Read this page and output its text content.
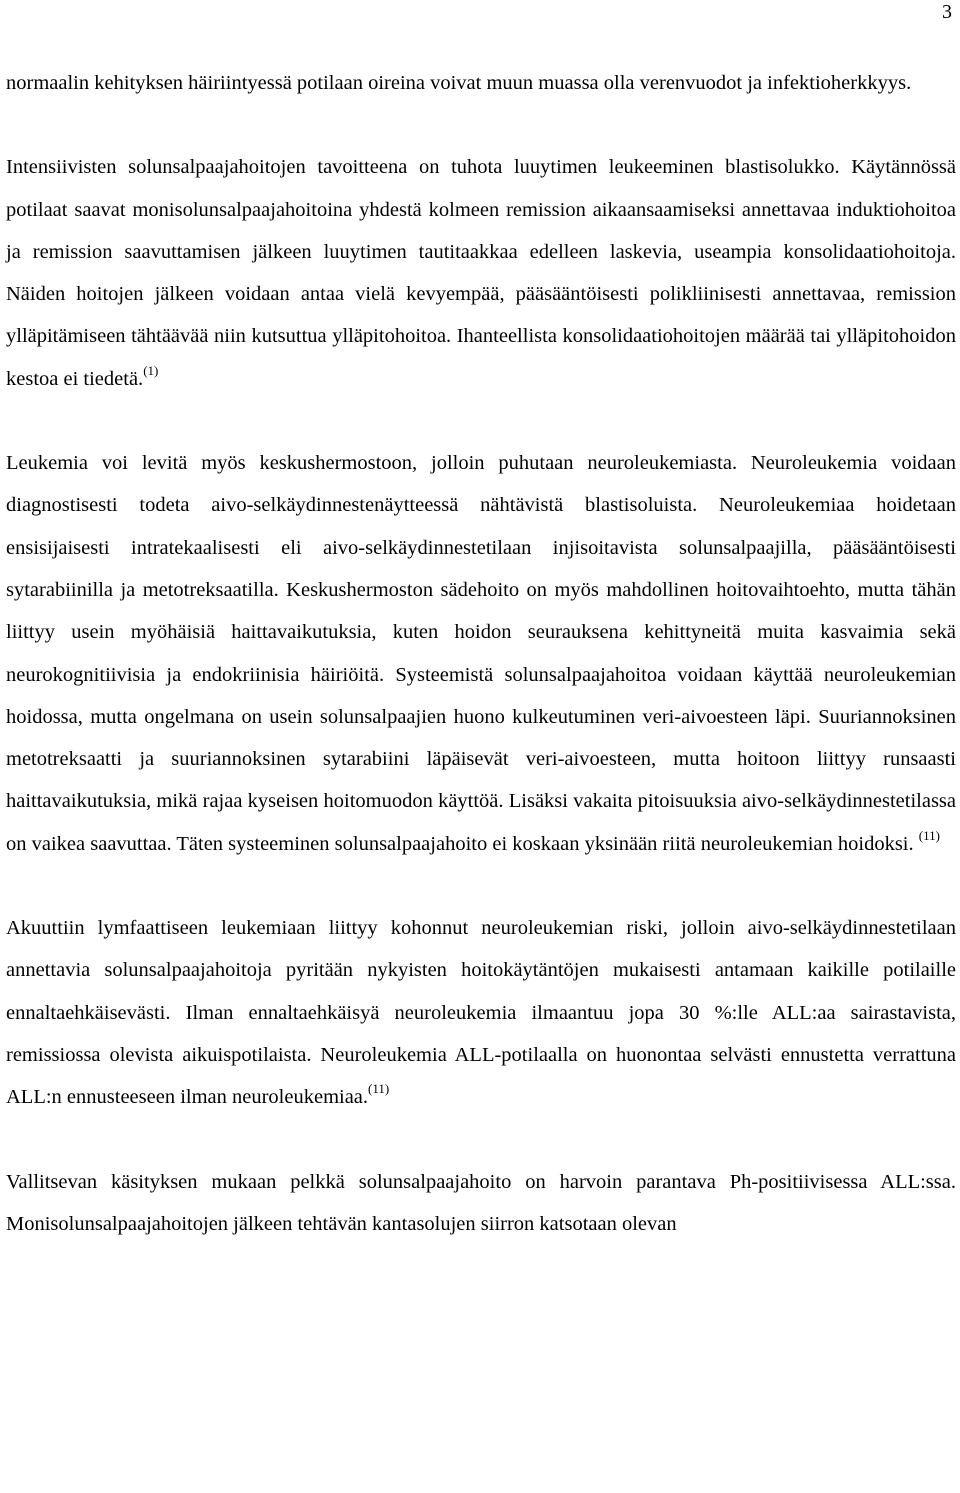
3

normaalin kehityksen häiriintyessä potilaan oireina voivat muun muassa olla verenvuodot ja infektioherkkyys.

Intensiivisten solunsalpaajahoitojen tavoitteena on tuhota luuytimen leukeeminen blastisolukko. Käytännössä potilaat saavat monisolunsalpaajahoitoina yhdestä kolmeen remission aikaansaamiseksi annettavaa induktiohoitoa ja remission saavuttamisen jälkeen luuytimen tautitaakkaa edelleen laskevia, useampia konsolidaatiohoitoja. Näiden hoitojen jälkeen voidaan antaa vielä kevyempää, pääsääntöisesti polikliinisesti annettavaa, remission ylläpitämiseen tähtäävää niin kutsuttua ylläpitohoitoa. Ihanteellista konsolidaatiohoitojen määrää tai ylläpitohoidon kestoa ei tiedetä.$^{(1)}$

Leukemia voi levitä myös keskushermostoon, jolloin puhutaan neuroleukemiasta. Neuroleukemia voidaan diagnostisesti todeta aivo-selkäydinnestenäytteessä nähtävistä blastisoluista. Neuroleukemiaa hoidetaan ensisijaisesti intratekaalisesti eli aivo-selkäydinnestetilaan injisoitavista solunsalpaajilla, pääsääntöisesti sytarabiinilla ja metotreksaatilla. Keskushermoston sädehoito on myös mahdollinen hoitovaihtoehto, mutta tähän liittyy usein myöhäisiä haittavaikutuksia, kuten hoidon seurauksena kehittyneitä muita kasvaimia sekä neurokognitiivisia ja endokriinisia häiriöitä. Systeemistä solunsalpaajahoitoa voidaan käyttää neuroleukemian hoidossa, mutta ongelmana on usein solunsalpaajien huono kulkeutuminen veri-aivoesteen läpi. Suuriannoksinen metotreksaatti ja suuriannoksinen sytarabiini läpäisevät veri-aivoesteen, mutta hoitoon liittyy runsaasti haittavaikutuksia, mikä rajaa kyseisen hoitomuodon käyttöä. Lisäksi vakaita pitoisuuksia aivo-selkäydinnestetilassa on vaikea saavuttaa. Täten systeeminen solunsalpaajahoito ei koskaan yksinään riitä neuroleukemian hoidoksi. $^{(11)}$

Akuuttiin lymfaattiseen leukemiaan liittyy kohonnut neuroleukemian riski, jolloin aivo-selkäydinnestetilaan annettavia solunsalpaajahoitoja pyritään nykyisten hoitokäytäntöjen mukaisesti antamaan kaikille potilaille ennaltaehkäisevästi. Ilman ennaltaehkäisyä neuroleukemia ilmaantuu jopa 30 %:lle ALL:aa sairastavista, remissiossa olevista aikuispotilaista. Neuroleukemia ALL-potilaalla on huonontaa selvästi ennustetta verrattuna ALL:n ennusteeseen ilman neuroleukemiaa.$^{(11)}$

Vallitsevan käsityksen mukaan pelkkä solunsalpaajahoito on harvoin parantava Ph-positiivisessa ALL:ssa. Monisolunsalpaajahoitojen jälkeen tehtävän kantasolujen siirron katsotaan olevan
